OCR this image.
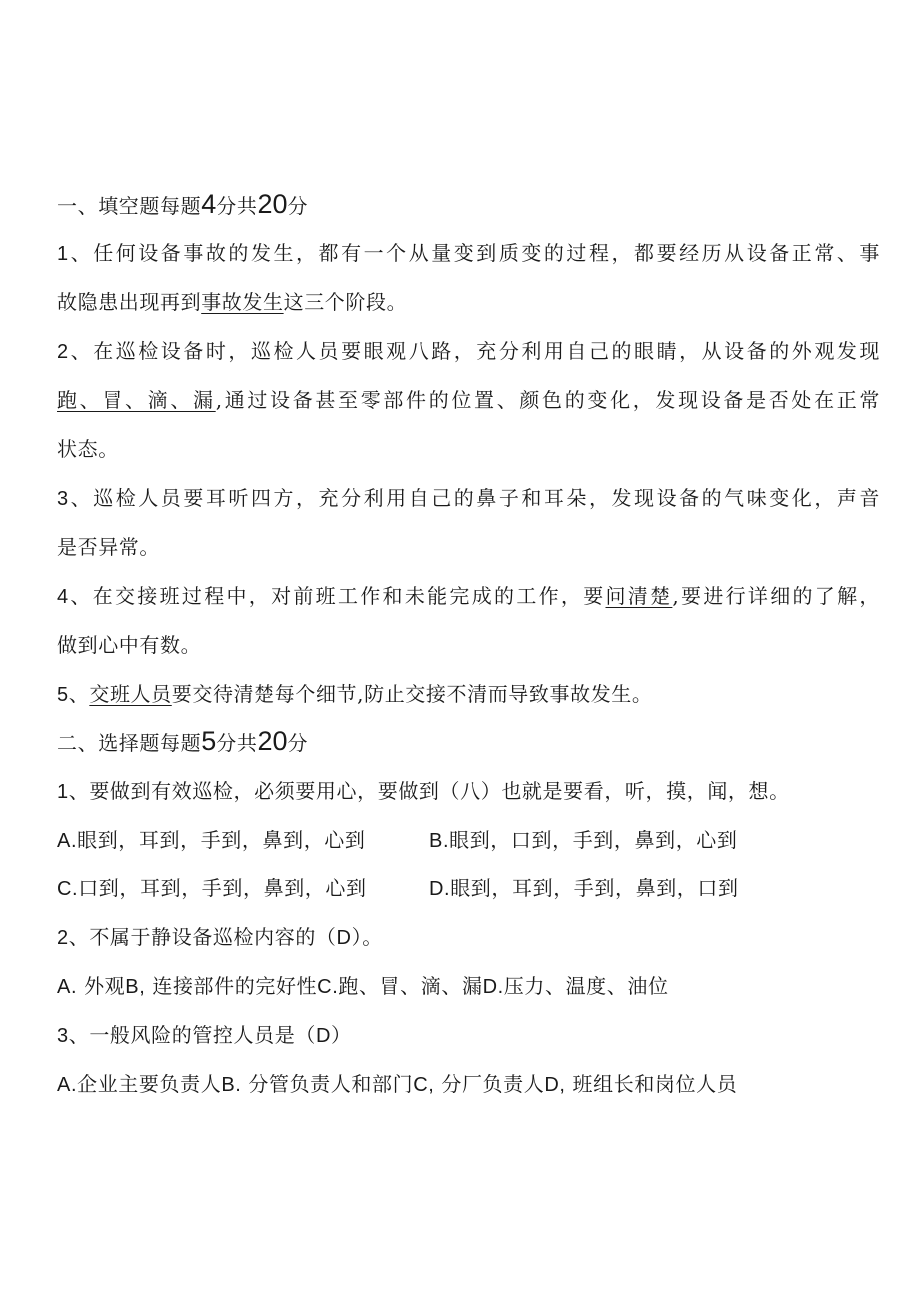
一、填空题每题4分共20分
1、任何设备事故的发生，都有一个从量变到质变的过程，都要经历从设备正常、事
故隐患出现再到事故发生这三个阶段。
2、在巡检设备时，巡检人员要眼观八路，充分利用自己的眼睛，从设备的外观发现
跑、冒、滴、漏,通过设备甚至零部件的位置、颜色的变化，发现设备是否处在正常
状态。
3、巡检人员要耳听四方，充分利用自己的鼻子和耳朵，发现设备的气味变化，声音
是否异常。
4、在交接班过程中，对前班工作和未能完成的工作，要问清楚,要进行详细的了解，
做到心中有数。
5、交班人员要交待清楚每个细节,防止交接不清而导致事故发生。
二、选择题每题5分共20分
1、要做到有效巡检，必须要用心，要做到（八）也就是要看，听，摸，闻，想。
A.眼到，耳到，手到，鼻到，心到	B.眼到，口到，手到，鼻到，心到
C.口到，耳到，手到，鼻到，心到	D.眼到，耳到，手到，鼻到，口到
2、不属于静设备巡检内容的（D）。
A. 外观B, 连接部件的完好性C.跑、冒、滴、漏D.压力、温度、油位
3、一般风险的管控人员是（D）
A.企业主要负责人B. 分管负责人和部门C, 分厂负责人D, 班组长和岗位人员
